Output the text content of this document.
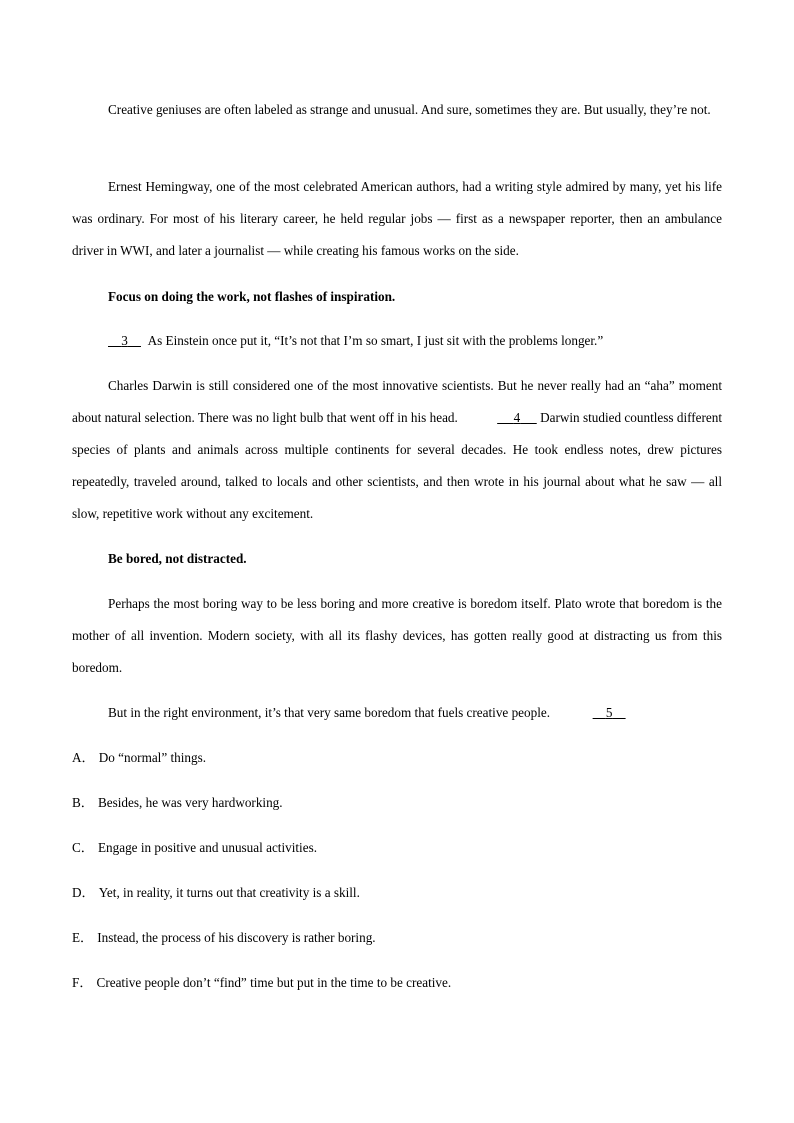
Creative geniuses are often labeled as strange and unusual. And sure, sometimes they are. But usually, they’re not.

Ernest Hemingway, one of the most celebrated American authors, had a writing style admired by many, yet his life was ordinary. For most of his literary career, he held regular jobs — first as a newspaper reporter, then an ambulance driver in WWI, and later a journalist — while creating his famous works on the side.

Focus on doing the work, not flashes of inspiration.

3 As Einstein once put it, “It’s not that I’m so smart, I just sit with the problems longer.”

Charles Darwin is still considered one of the most innovative scientists. But he never really had an “aha” moment about natural selection. There was no light bulb that went off in his head.	4 Darwin studied countless different species of plants and animals across multiple continents for several decades. He took endless notes, drew pictures repeatedly, traveled around, talked to locals and other scientists, and then wrote in his journal about what he saw — all slow, repetitive work without any excitement.

Be bored, not distracted.

Perhaps the most boring way to be less boring and more creative is boredom itself. Plato wrote that boredom is the mother of all invention. Modern society, with all its flashy devices, has gotten really good at distracting us from this boredom.

But in the right environment, it’s that very same boredom that fuels creative people.	5

A． Do “normal” things.

B． Besides, he was very hardworking.

C． Engage in positive and unusual activities.

D． Yet, in reality, it turns out that creativity is a skill.

E． Instead, the process of his discovery is rather boring.

F． Creative people don’t “find” time but put in the time to be creative.
